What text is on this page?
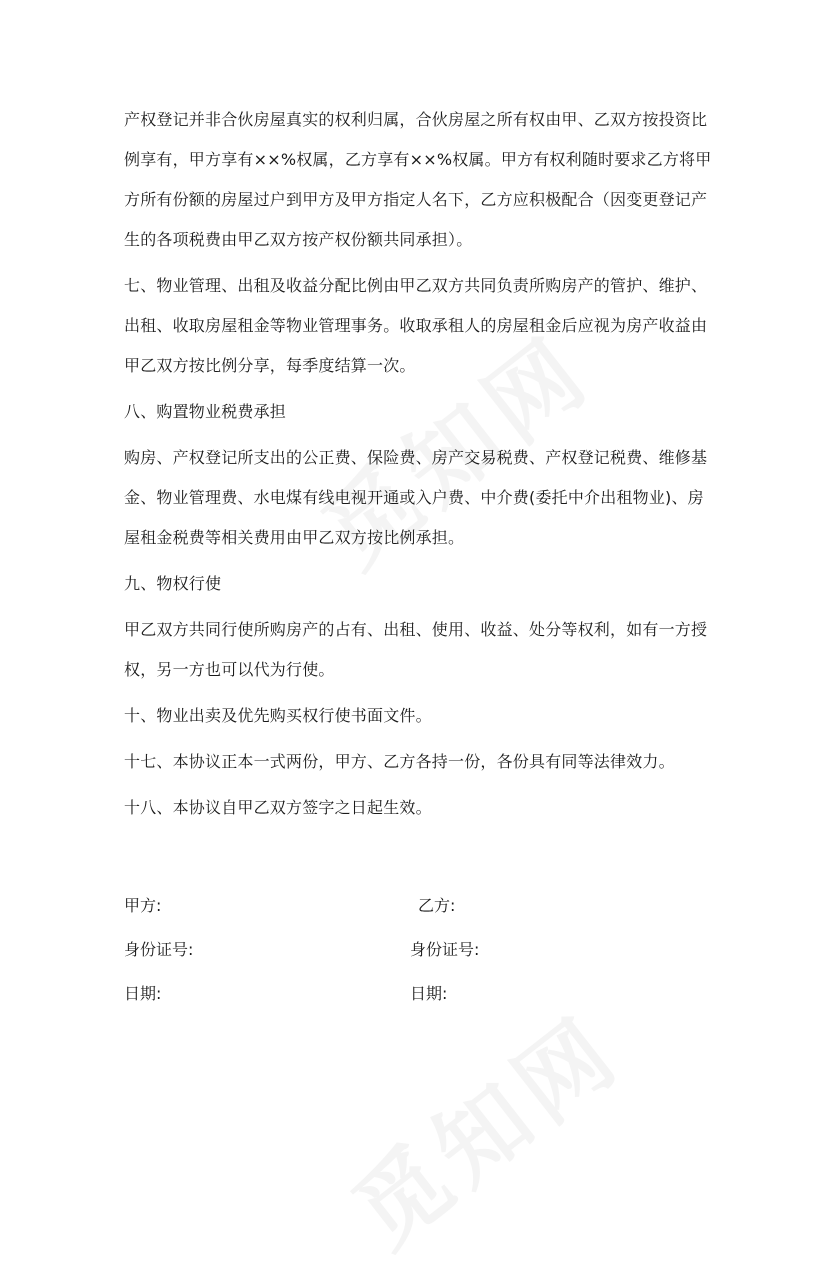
产权登记并非合伙房屋真实的权利归属，合伙房屋之所有权由甲、乙双方按投资比例享有，甲方享有××%权属，乙方享有××%权属。甲方有权利随时要求乙方将甲方所有份额的房屋过户到甲方及甲方指定人名下，乙方应积极配合（因变更登记产生的各项税费由甲乙双方按产权份额共同承担）。

七、物业管理、出租及收益分配比例由甲乙双方共同负责所购房产的管护、维护、出租、收取房屋租金等物业管理事务。收取承租人的房屋租金后应视为房产收益由甲乙双方按比例分享，每季度结算一次。

八、购置物业税费承担

购房、产权登记所支出的公正费、保险费、房产交易税费、产权登记税费、维修基金、物业管理费、水电煤有线电视开通或入户费、中介费(委托中介出租物业)、房屋租金税费等相关费用由甲乙双方按比例承担。

九、物权行使

甲乙双方共同行使所购房产的占有、出租、使用、收益、处分等权利，如有一方授权，另一方也可以代为行使。

十、物业出卖及优先购买权行使书面文件。

十七、本协议正本一式两份，甲方、乙方各持一份，各份具有同等法律效力。

十八、本协议自甲乙双方签字之日起生效。

甲方:	乙方:
身份证号:	身份证号:
日期:	日期:
